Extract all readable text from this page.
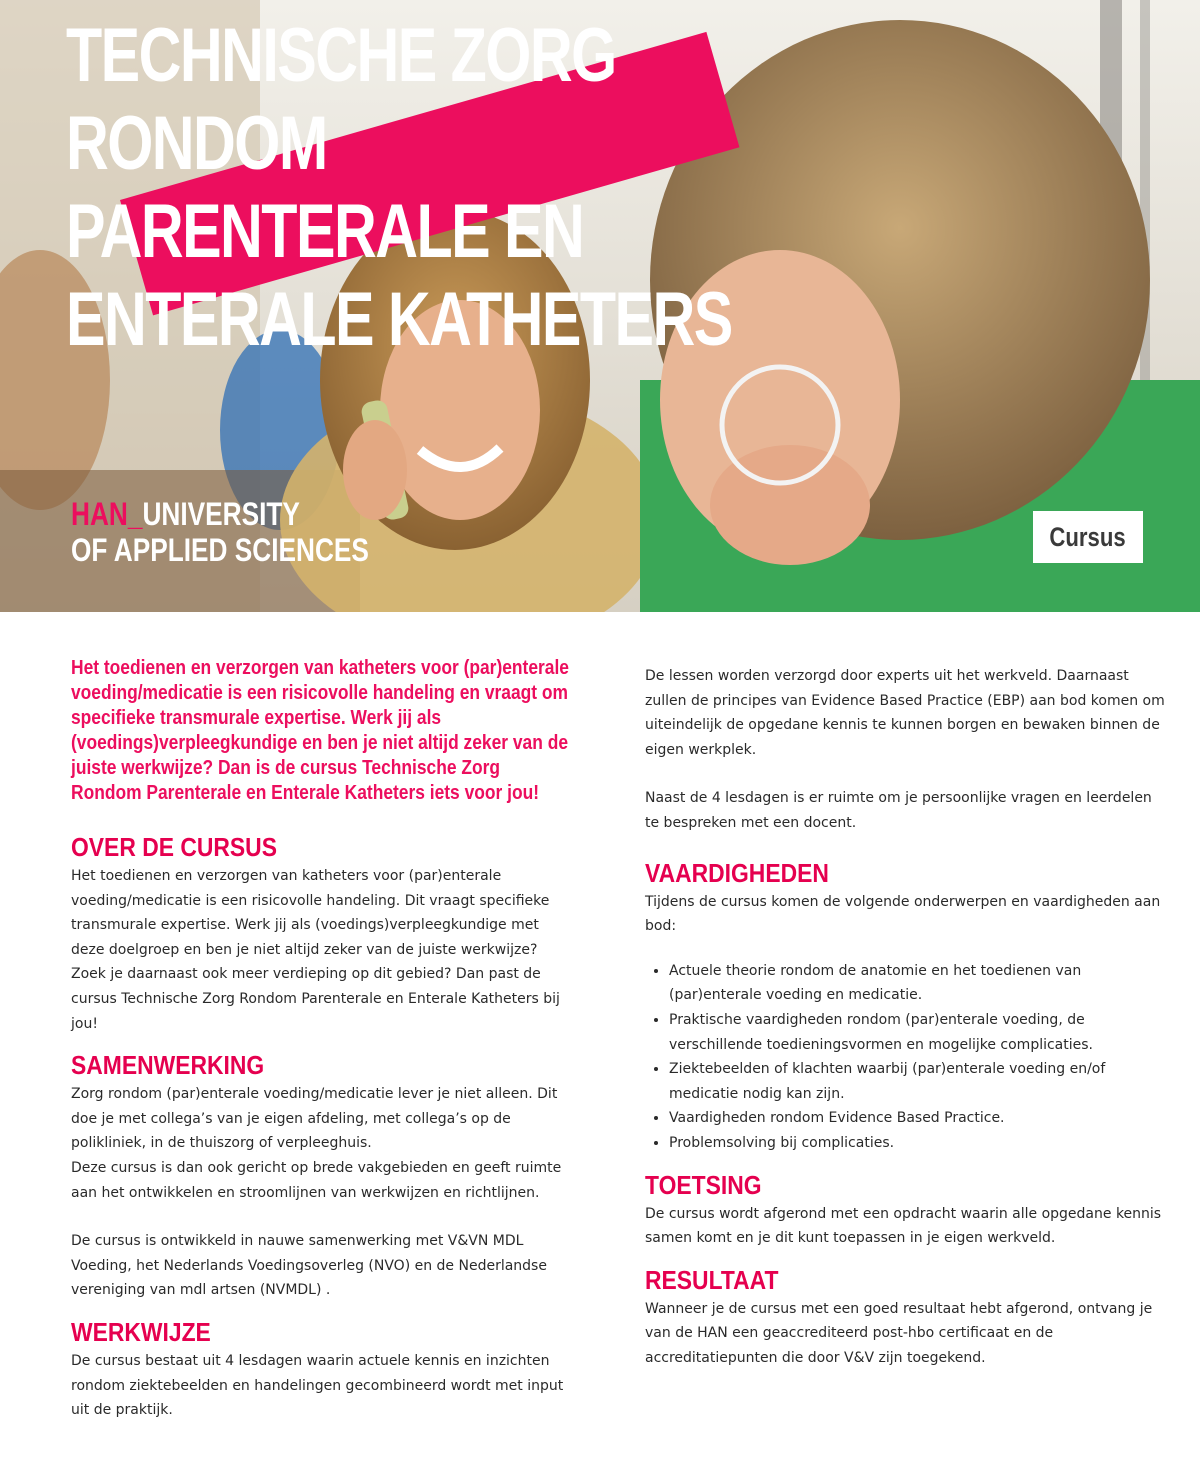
TECHNISCHE ZORG
RONDOM
PARENTERALE EN
ENTERALE KATHETERS
HAN_UNIVERSITY
OF APPLIED SCIENCES	Cursus
Het toedienen en verzorgen van katheters voor (par)enterale voeding/medicatie is een risicovolle handeling en vraagt om specifieke transmurale expertise. Werk jij als (voedings)verpleegkundige en ben je niet altijd zeker van de juiste werkwijze? Dan is de cursus Technische Zorg Rondom Parenterale en Enterale Katheters iets voor jou!
OVER DE CURSUS

Het toedienen en verzorgen van katheters voor (par)enterale voeding/medicatie is een risicovolle handeling. Dit vraagt specifieke transmurale expertise. Werk jij als (voedings)verpleegkundige met deze doelgroep en ben je niet altijd zeker van de juiste werkwijze? Zoek je daarnaast ook meer verdieping op dit gebied? Dan past de cursus Technische Zorg Rondom Parenterale en Enterale Katheters bij jou!

SAMENWERKING

Zorg rondom (par)enterale voeding/medicatie lever je niet alleen. Dit doe je met collega’s van je eigen afdeling, met collega’s op de polikliniek, in de thuiszorg of verpleeghuis.

Deze cursus is dan ook gericht op brede vakgebieden en geeft ruimte aan het ontwikkelen en stroomlijnen van werkwijzen en richtlijnen.

De cursus is ontwikkeld in nauwe samenwerking met V&VN MDL Voeding, het Nederlands Voedingsoverleg (NVO) en de Nederlandse vereniging van mdl artsen (NVMDL) .

WERKWIJZE

De cursus bestaat uit 4 lesdagen waarin actuele kennis en inzichten rondom ziektebeelden en handelingen gecombineerd wordt met input uit de praktijk.

De lessen worden verzorgd door experts uit het werkveld. Daarnaast zullen de principes van Evidence Based Practice (EBP) aan bod komen om uiteindelijk de opgedane kennis te kunnen borgen en bewaken binnen de eigen werkplek.

Naast de 4 lesdagen is er ruimte om je persoonlijke vragen en leerdelen te bespreken met een docent.

VAARDIGHEDEN

Tijdens de cursus komen de volgende onderwerpen en vaardigheden aan bod:

• Actuele theorie rondom de anatomie en het toedienen van (par)enterale voeding en medicatie.
• Praktische vaardigheden rondom (par)enterale voeding, de verschillende toedieningsvormen en mogelijke complicaties.
• Ziektebeelden of klachten waarbij (par)enterale voeding en/of medicatie nodig kan zijn.
• Vaardigheden rondom Evidence Based Practice.
• Problemsolving bij complicaties.
TOETSING

De cursus wordt afgerond met een opdracht waarin alle opgedane kennis samen komt en je dit kunt toepassen in je eigen werkveld.

RESULTAAT

Wanneer je de cursus met een goed resultaat hebt afgerond, ontvang je van de HAN een geaccrediteerd post-hbo certificaat en de accreditatiepunten die door V&V zijn toegekend.
